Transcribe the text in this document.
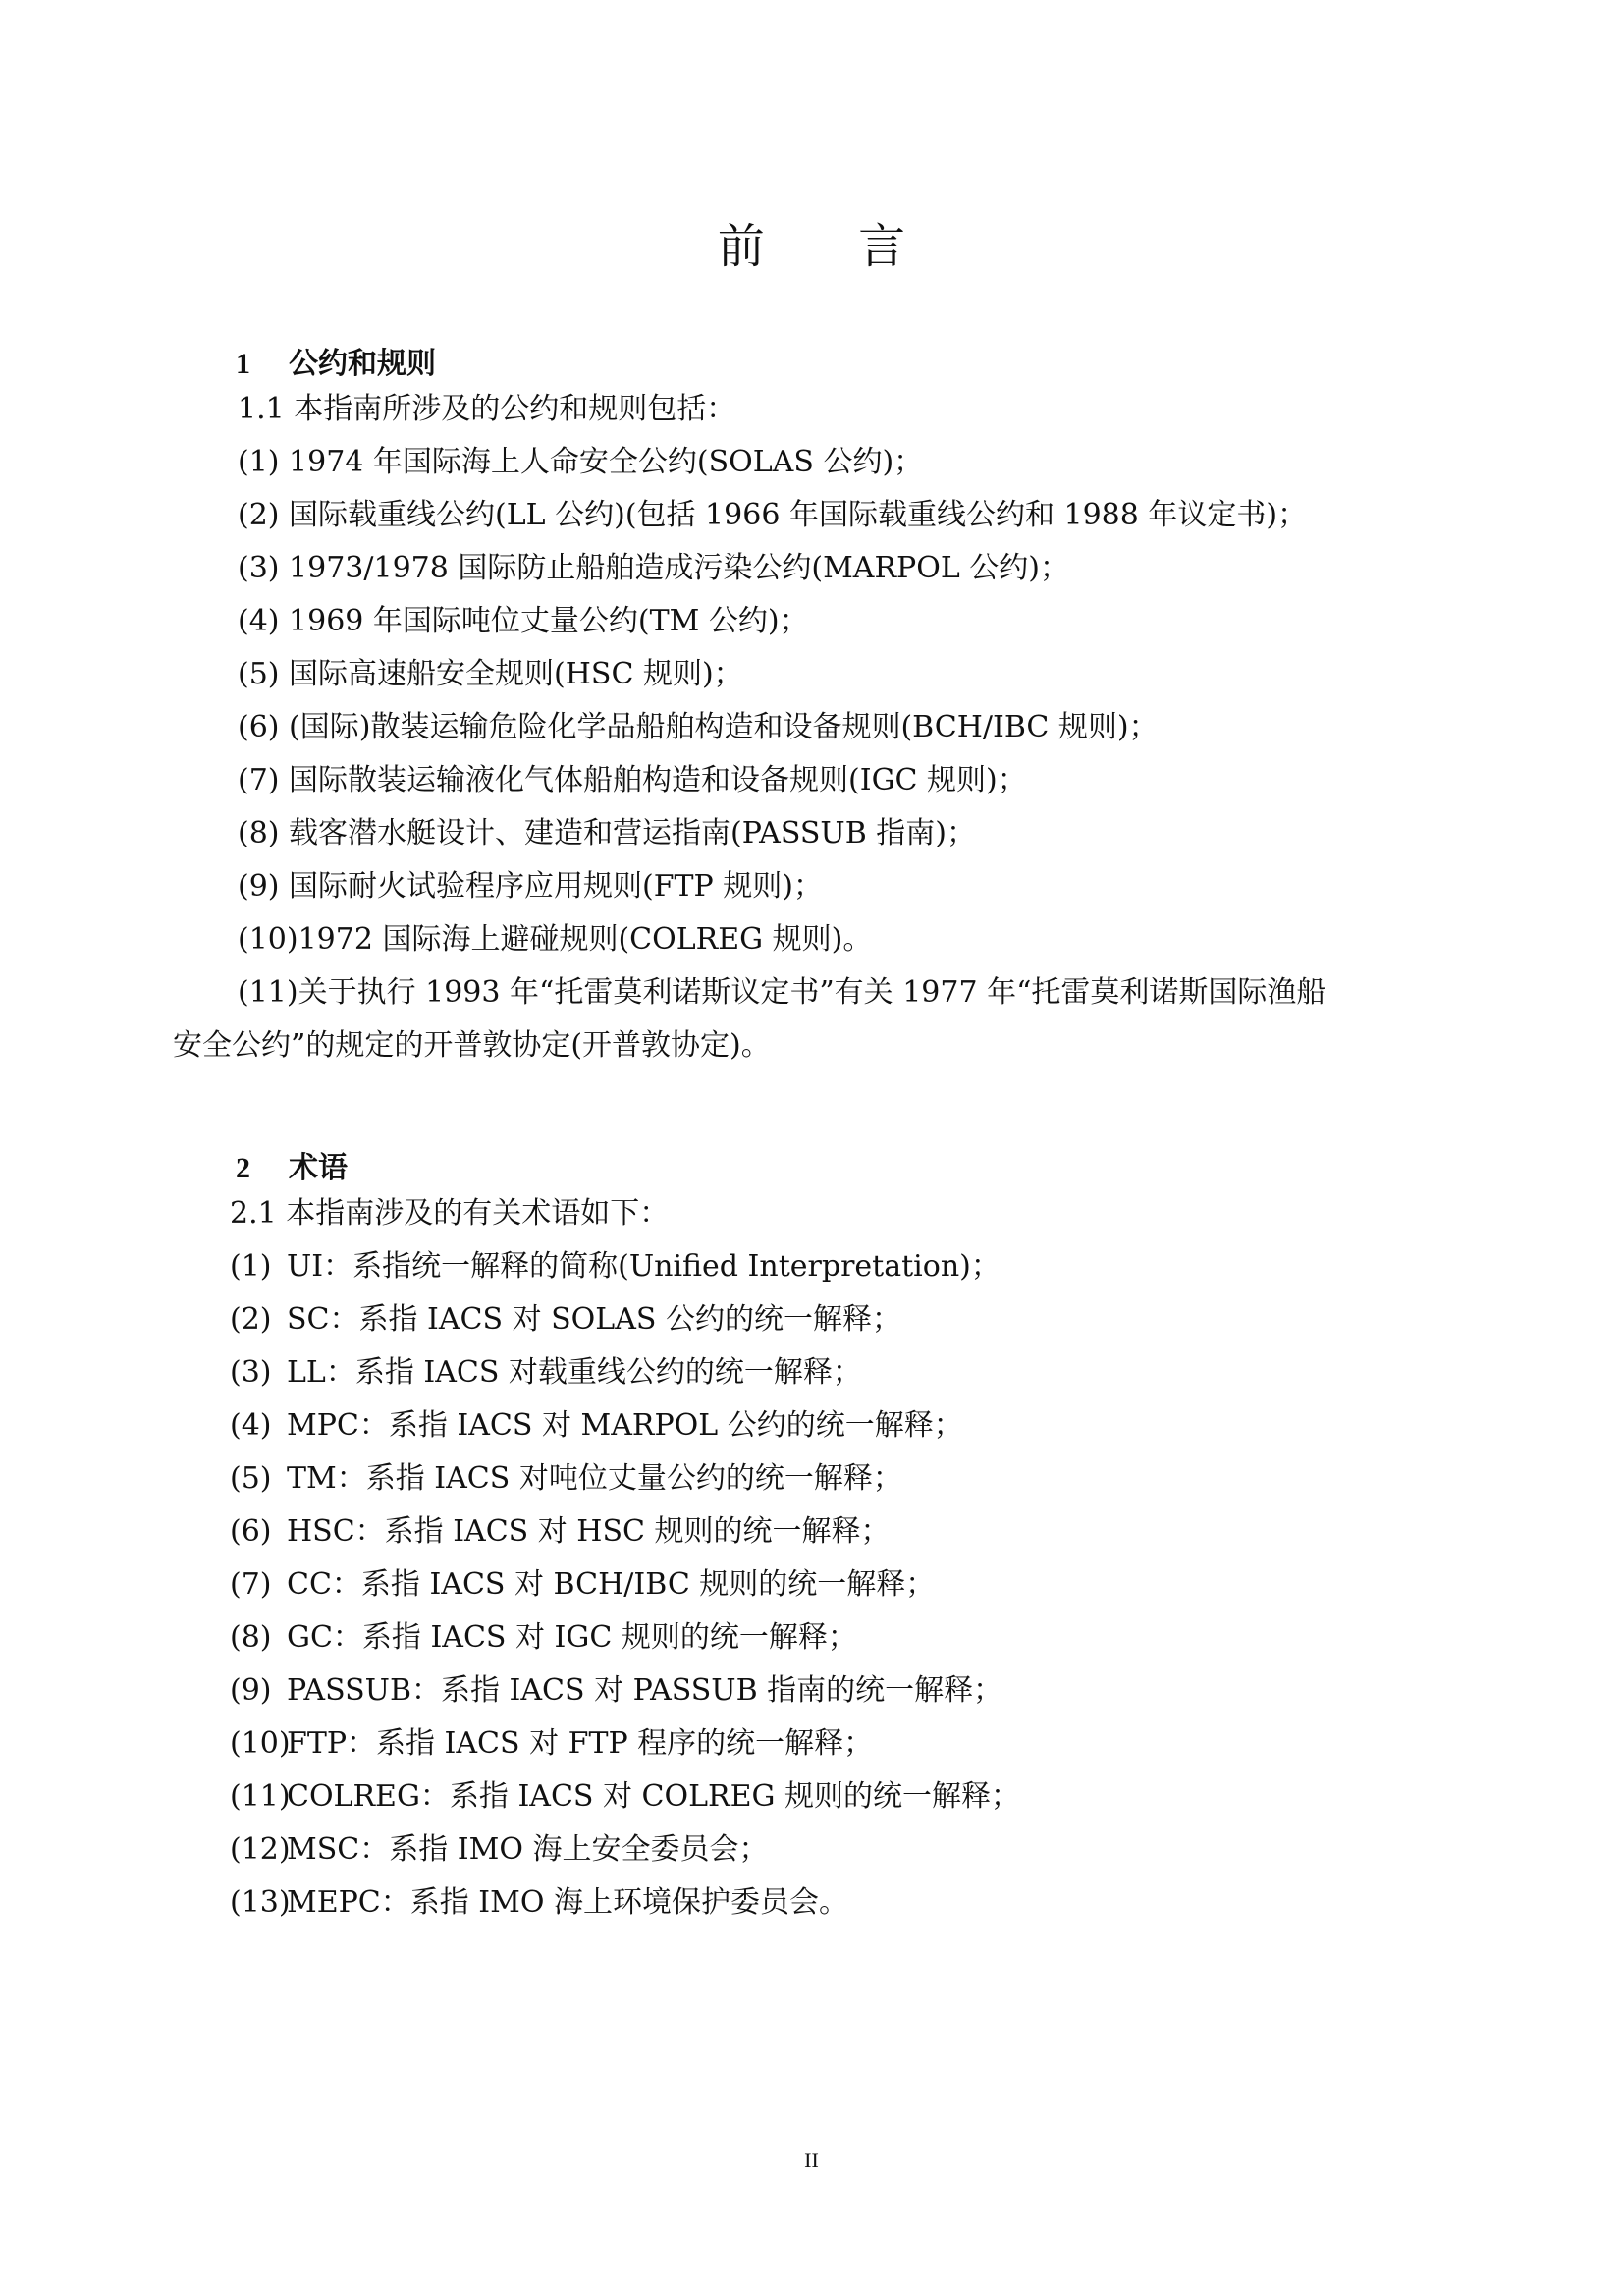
前 言
1 公约和规则
1.1 本指南所涉及的公约和规则包括：
(1) 1974 年国际海上人命安全公约(SOLAS 公约)；
(2) 国际载重线公约(LL 公约)(包括 1966 年国际载重线公约和 1988 年议定书)；
(3) 1973/1978 国际防止船舶造成污染公约(MARPOL 公约)；
(4) 1969 年国际吨位丈量公约(TM 公约)；
(5) 国际高速船安全规则(HSC 规则)；
(6) (国际)散装运输危险化学品船舶构造和设备规则(BCH/IBC 规则)；
(7) 国际散装运输液化气体船舶构造和设备规则(IGC 规则)；
(8) 载客潜水艇设计、建造和营运指南(PASSUB 指南)；
(9) 国际耐火试验程序应用规则(FTP 规则)；
(10)1972 国际海上避碰规则(COLREG 规则)。
(11)关于执行 1993 年“托雷莫利诺斯议定书”有关 1977 年“托雷莫利诺斯国际渔船
安全公约”的规定的开普敦协定(开普敦协定)。
2 术语
2.1 本指南涉及的有关术语如下：
(1) UI：系指统一解释的简称(Unified Interpretation)；
(2) SC：系指 IACS 对 SOLAS 公约的统一解释；
(3) LL：系指 IACS 对载重线公约的统一解释；
(4) MPC：系指 IACS 对 MARPOL 公约的统一解释；
(5) TM：系指 IACS 对吨位丈量公约的统一解释；
(6) HSC：系指 IACS 对 HSC 规则的统一解释；
(7) CC：系指 IACS 对 BCH/IBC 规则的统一解释；
(8) GC：系指 IACS 对 IGC 规则的统一解释；
(9) PASSUB：系指 IACS 对 PASSUB 指南的统一解释；
(10)FTP：系指 IACS 对 FTP 程序的统一解释；
(11)COLREG：系指 IACS 对 COLREG 规则的统一解释；
(12)MSC：系指 IMO 海上安全委员会；
(13)MEPC：系指 IMO 海上环境保护委员会。
II
